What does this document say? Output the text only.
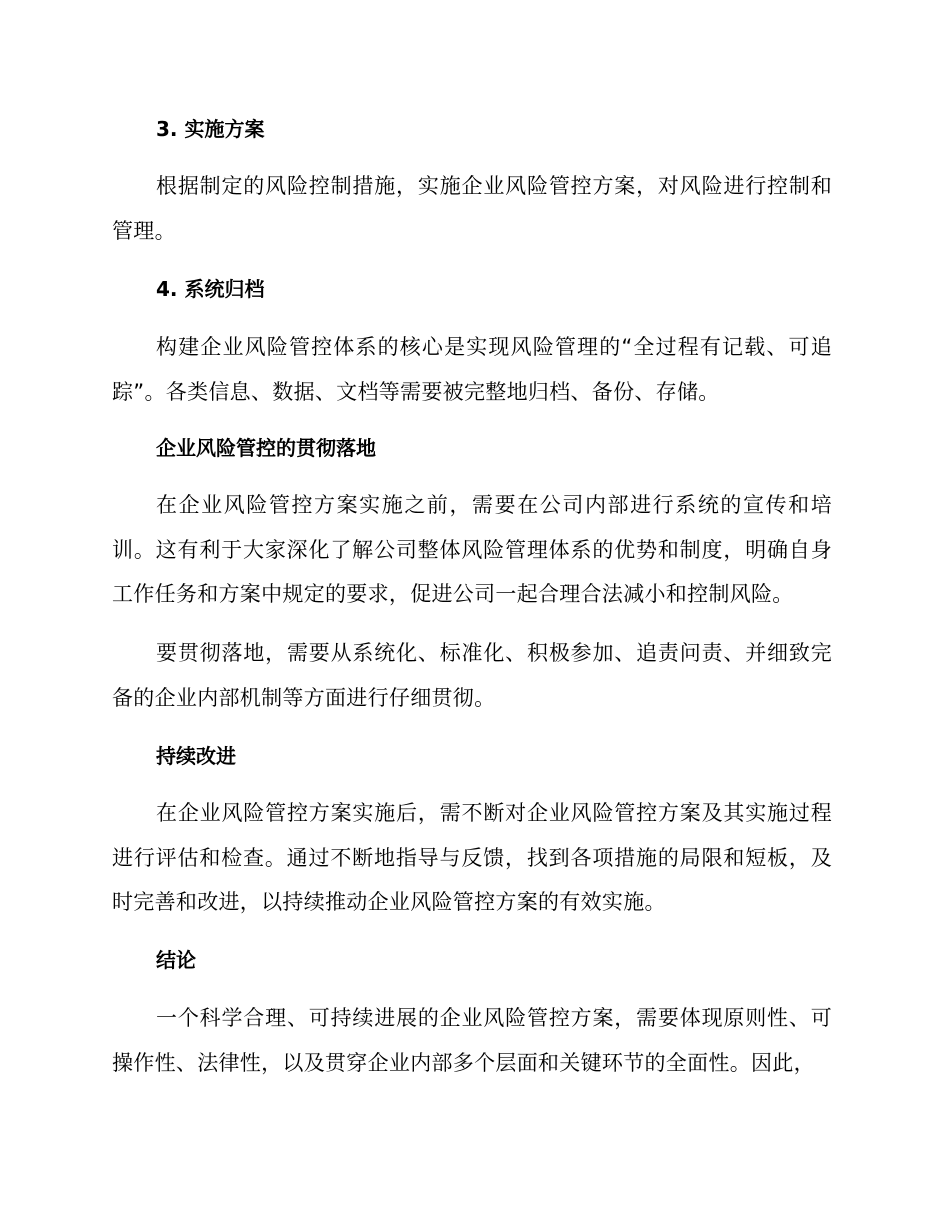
3. 实施方案
根据制定的风险控制措施，实施企业风险管控方案，对风险进行控制和管理。
4. 系统归档
构建企业风险管控体系的核心是实现风险管理的“全过程有记载、可追踪”。各类信息、数据、文档等需要被完整地归档、备份、存储。
企业风险管控的贯彻落地
在企业风险管控方案实施之前，需要在公司内部进行系统的宣传和培训。这有利于大家深化了解公司整体风险管理体系的优势和制度，明确自身工作任务和方案中规定的要求，促进公司一起合理合法减小和控制风险。
要贯彻落地，需要从系统化、标准化、积极参加、追责问责、并细致完备的企业内部机制等方面进行仔细贯彻。
持续改进
在企业风险管控方案实施后，需不断对企业风险管控方案及其实施过程进行评估和检查。通过不断地指导与反馈，找到各项措施的局限和短板，及时完善和改进，以持续推动企业风险管控方案的有效实施。
结论
一个科学合理、可持续进展的企业风险管控方案，需要体现原则性、可操作性、法律性，以及贯穿企业内部多个层面和关键环节的全面性。因此，
